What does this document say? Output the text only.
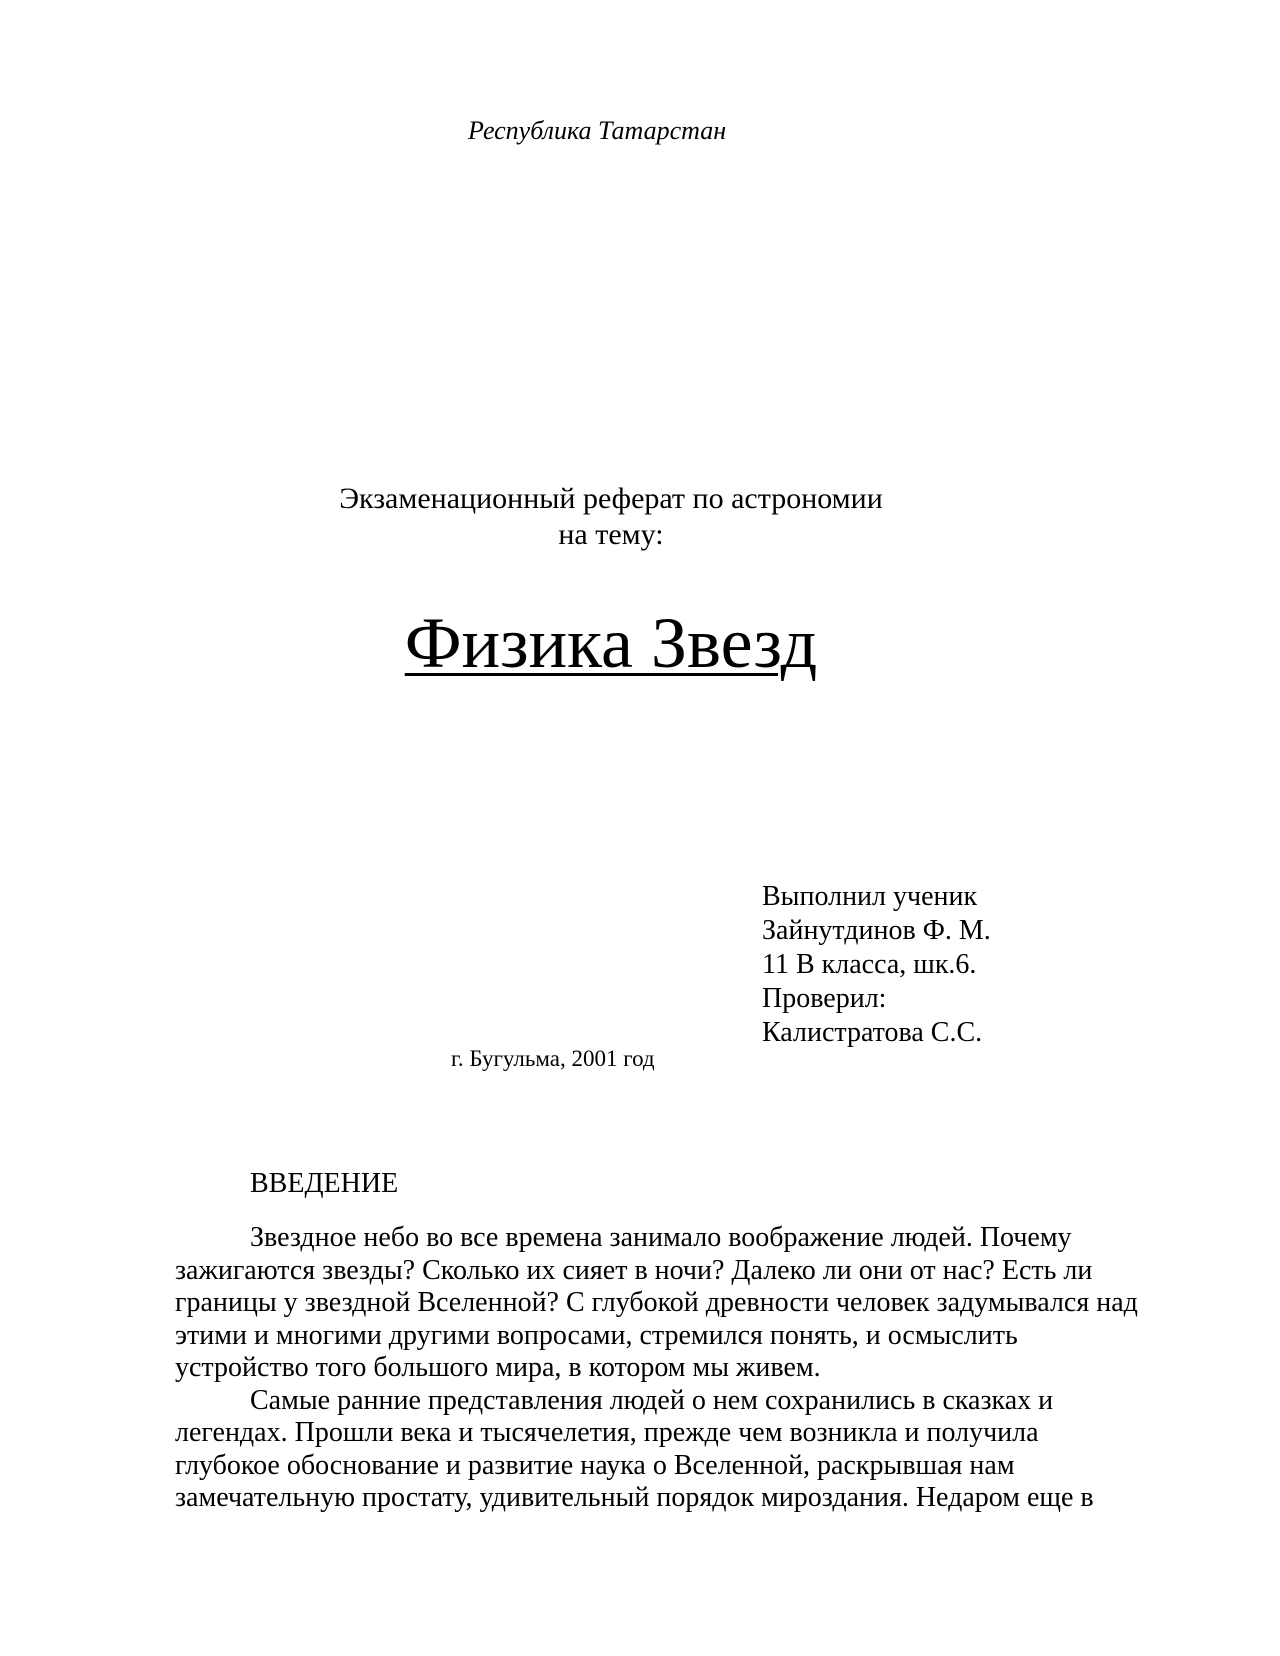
Республика Татарстан
Экзаменационный реферат по астрономии
на тему:
Физика Звезд
Выполнил ученик
Зайнутдинов Ф. М.
11 В класса, шк.6.
Проверил:
Калистратова С.С.
г. Бугульма, 2001 год
ВВЕДЕНИЕ
Звездное небо во все времена занимало воображение людей. Почему
зажигаются звезды? Сколько их сияет в ночи? Далеко ли они от нас? Есть ли
границы у звездной Вселенной? С глубокой древности человек задумывался над
этими и многими другими вопросами, стремился понять, и осмыслить
устройство того большого мира, в котором мы живем.
Самые ранние представления людей о нем сохранились в сказках и
легендах. Прошли века и тысячелетия, прежде чем возникла и получила
глубокое обоснование и развитие наука о Вселенной, раскрывшая нам
замечательную простату, удивительный порядок мироздания. Недаром еще в
